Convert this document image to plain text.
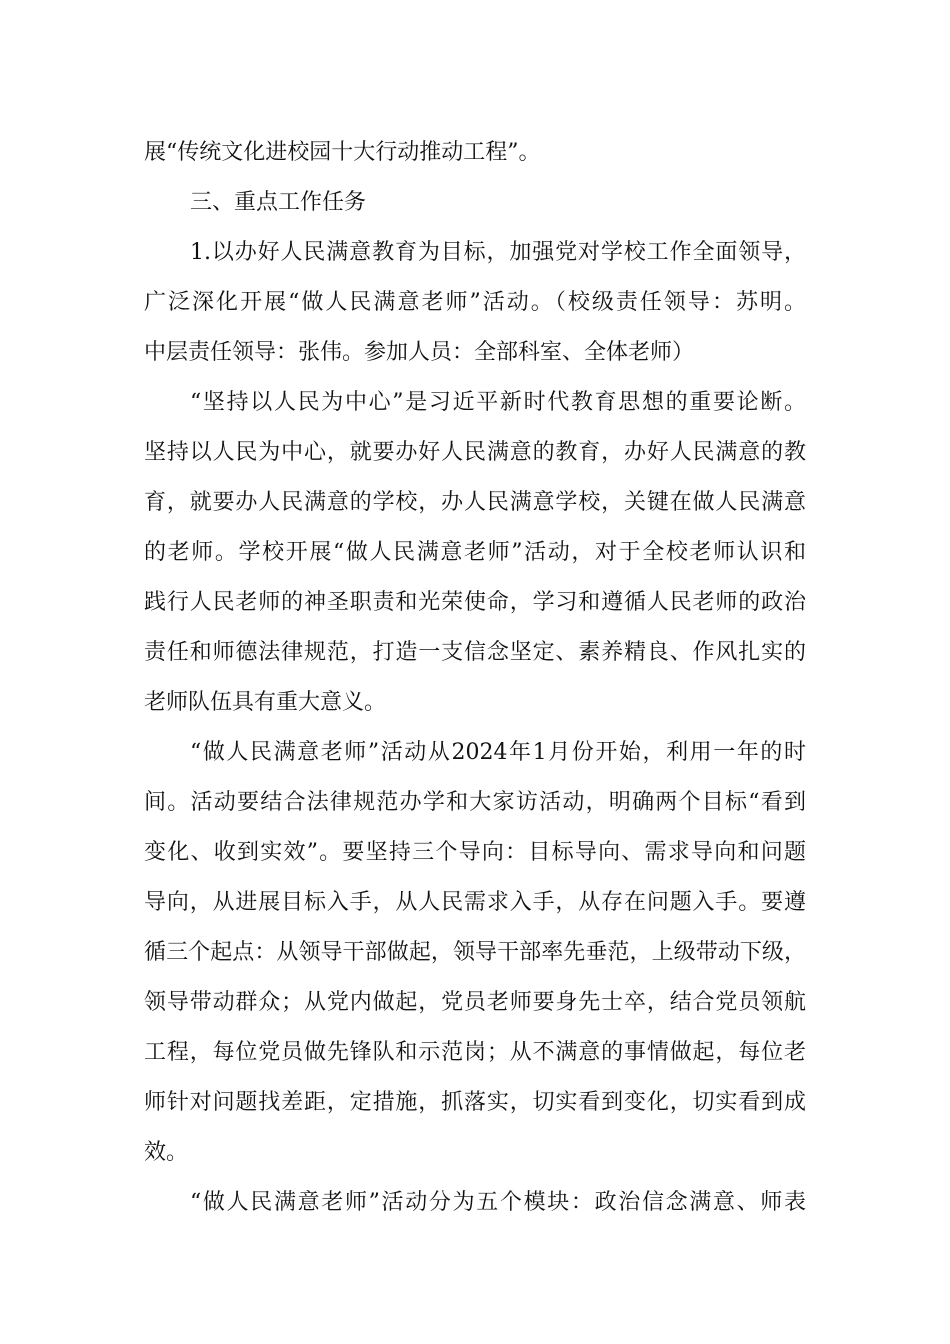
展“传统文化进校园十大行动推动工程”。
三、重点工作任务
1.以办好人民满意教育为目标，加强党对学校工作全面领导，
广泛深化开展“做人民满意老师”活动。（校级责任领导：苏明。
中层责任领导：张伟。参加人员：全部科室、全体老师）
“坚持以人民为中心”是习近平新时代教育思想的重要论断。
坚持以人民为中心，就要办好人民满意的教育，办好人民满意的教
育，就要办人民满意的学校，办人民满意学校，关键在做人民满意
的老师。学校开展“做人民满意老师”活动，对于全校老师认识和
践行人民老师的神圣职责和光荣使命，学习和遵循人民老师的政治
责任和师德法律规范，打造一支信念坚定、素养精良、作风扎实的
老师队伍具有重大意义。
“做人民满意老师”活动从2024年1月份开始，利用一年的时
间。活动要结合法律规范办学和大家访活动，明确两个目标“看到
变化、收到实效”。要坚持三个导向：目标导向、需求导向和问题
导向，从进展目标入手，从人民需求入手，从存在问题入手。要遵
循三个起点：从领导干部做起，领导干部率先垂范，上级带动下级，
领导带动群众；从党内做起，党员老师要身先士卒，结合党员领航
工程，每位党员做先锋队和示范岗；从不满意的事情做起，每位老
师针对问题找差距，定措施，抓落实，切实看到变化，切实看到成
效。
“做人民满意老师”活动分为五个模块：政治信念满意、师表
